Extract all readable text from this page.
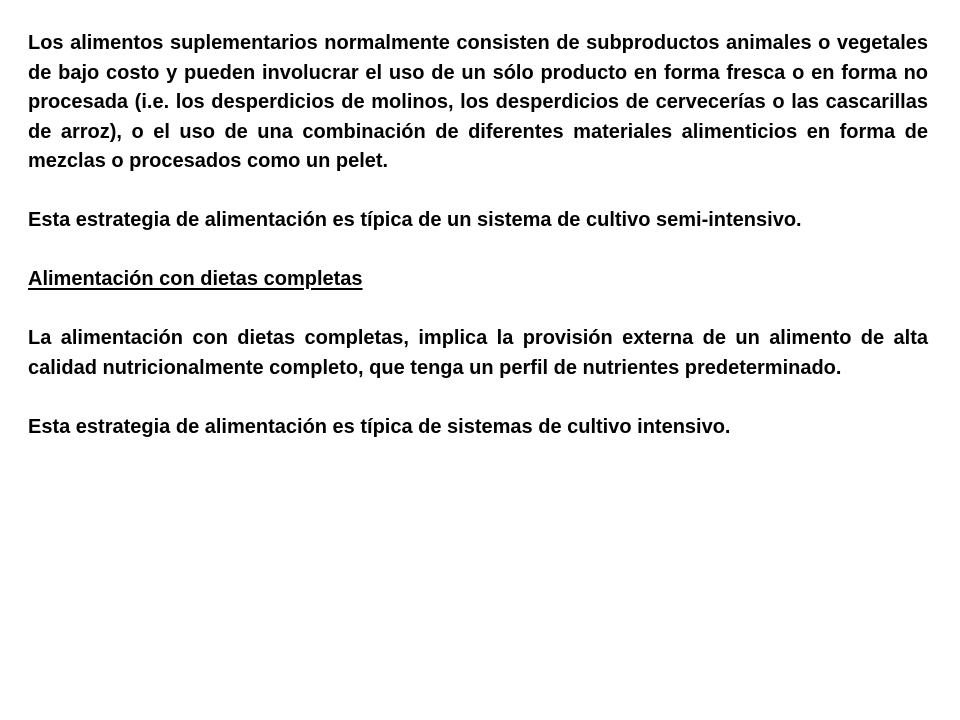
Los alimentos suplementarios normalmente consisten de subproductos animales o vegetales de bajo costo y pueden involucrar el uso de un sólo producto en forma fresca o en forma no procesada (i.e. los desperdicios de molinos, los desperdicios de cervecerías o las cascarillas de arroz), o el uso de una combinación de diferentes materiales alimenticios en forma de mezclas o procesados como un pelet.

Esta estrategia de alimentación es típica de un sistema de cultivo semi-intensivo.

Alimentación con dietas completas

La alimentación con dietas completas, implica la provisión externa de un alimento de alta calidad nutricionalmente completo, que tenga un perfil de nutrientes predeterminado.

Esta estrategia de alimentación es típica de sistemas de cultivo intensivo.
